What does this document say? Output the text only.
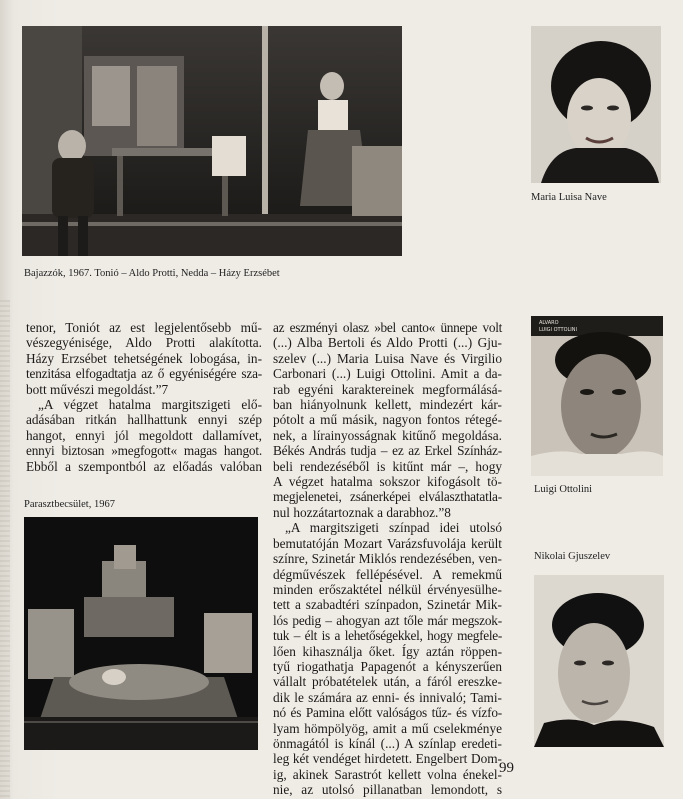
Bajazzók, 1967. Tonió – Aldo Protti, Nedda – Házy Erzsébet
Maria Luisa Nave
ALVARO
LUIGI OTTOLINI
Luigi Ottolini
Nikolai Gjuszelev
tenor, Toniót az est legjelentősebb mű-
vészegyénisége, Aldo Protti alakította.
Házy Erzsébet tehetségének lobogása, in-
tenzitása elfogadtatja az ő egyéniségére sza-
bott művészi megoldást.”7
„A végzet hatalma margitszigeti elő-
adásában ritkán hallhattunk ennyi szép
hangot, ennyi jól megoldott dallamívet,
ennyi biztosan »megfogott« magas hangot.
Ebből a szempontból az előadás valóban
Parasztbecsület, 1967
az eszményi olasz »bel canto« ünnepe volt
(...) Alba Bertoli és Aldo Protti (...) Gju-
szelev (...) Maria Luisa Nave és Virgilio
Carbonari (...) Luigi Ottolini. Amit a da-
rab egyéni karaktereinek megformálásá-
ban hiányolnunk kellett, mindezért kár-
pótolt a mű másik, nagyon fontos rétegé-
nek, a lírainyosságnak kitűnő megoldása.
Békés András tudja – ez az Erkel Színház-
beli rendezéséből is kitűnt már –, hogy
A végzet hatalma sokszor kifogásolt tö-
megjelenetei, zsánerképei elválaszthatatla-
nul hozzátartoznak a darabhoz.”8
„A margitszigeti színpad idei utolsó
bemutatóján Mozart Varázsfuvolája került
színre, Szinetár Miklós rendezésében, ven-
dégművészek fellépésével. A remekmű
minden erőszaktétel nélkül érvényesülhe-
tett a szabadtéri színpadon, Szinetár Mik-
lós pedig – ahogyan azt tőle már megszok-
tuk – élt is a lehetőségekkel, hogy megfele-
lően kihasználja őket. Így aztán röppen-
tyű riogathatja Papagenót a kényszerűen
vállalt próbatételek után, a fáról ereszke-
dik le számára az enni- és innivaló; Tami-
nó és Pamina előtt valóságos tűz- és vízfo-
lyam hömpölyög, amit a mű cselekménye
önmagától is kínál (...) A színlap eredeti-
leg két vendéget hirdetett. Engelbert Dom-
ig, akinek Sarastrót kellett volna énekel-
nie, az utolsó pillanatban lemondott, s
99
